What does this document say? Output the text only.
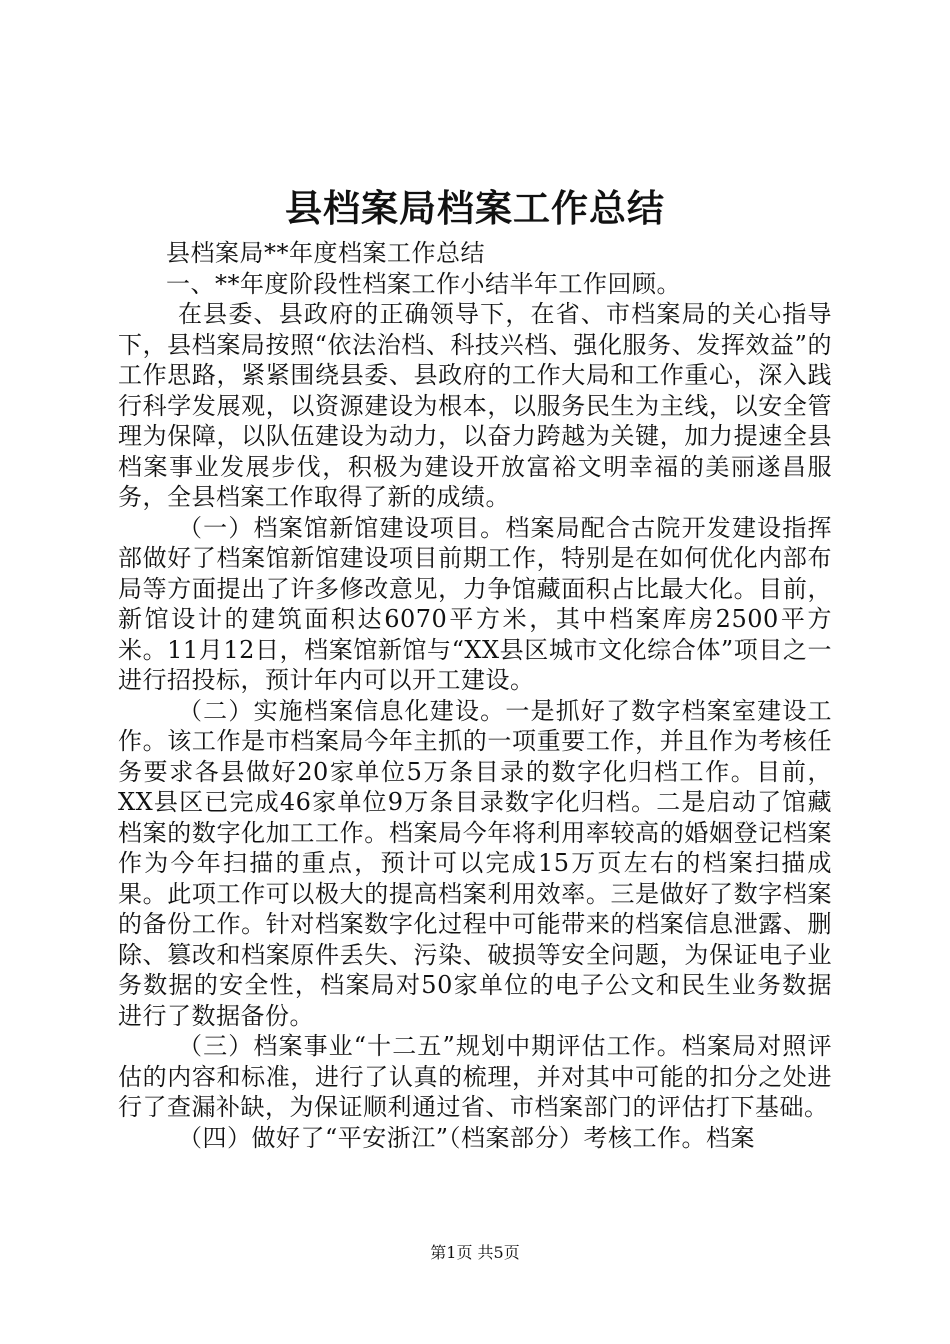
县档案局档案工作总结

县档案局**年度档案工作总结

一、**年度阶段性档案工作小结半年工作回顾。

在县委、县政府的正确领导下，在省、市档案局的关心指导下，县档案局按照“依法治档、科技兴档、强化服务、发挥效益”的工作思路，紧紧围绕县委、县政府的工作大局和工作重心，深入践行科学发展观，以资源建设为根本，以服务民生为主线，以安全管理为保障，以队伍建设为动力，以奋力跨越为关键，加力提速全县档案事业发展步伐，积极为建设开放富裕文明幸福的美丽遂昌服务，全县档案工作取得了新的成绩。

（一）档案馆新馆建设项目。档案局配合古院开发建设指挥部做好了档案馆新馆建设项目前期工作，特别是在如何优化内部布局等方面提出了许多修改意见，力争馆藏面积占比最大化。目前，新馆设计的建筑面积达6070平方米，其中档案库房2500平方米。11月12日，档案馆新馆与“XX县区城市文化综合体”项目之一进行招投标，预计年内可以开工建设。

（二）实施档案信息化建设。一是抓好了数字档案室建设工作。该工作是市档案局今年主抓的一项重要工作，并且作为考核任务要求各县做好20家单位5万条目录的数字化归档工作。目前，XX县区已完成46家单位9万条目录数字化归档。二是启动了馆藏档案的数字化加工工作。档案局今年将利用率较高的婚姻登记档案作为今年扫描的重点，预计可以完成15万页左右的档案扫描成果。此项工作可以极大的提高档案利用效率。三是做好了数字档案的备份工作。针对档案数字化过程中可能带来的档案信息泄露、删除、篡改和档案原件丢失、污染、破损等安全问题，为保证电子业务数据的安全性，档案局对50家单位的电子公文和民生业务数据进行了数据备份。

（三）档案事业“十二五”规划中期评估工作。档案局对照评估的内容和标准，进行了认真的梳理，并对其中可能的扣分之处进行了查漏补缺，为保证顺利通过省、市档案部门的评估打下基础。

（四）做好了“平安浙江”（档案部分）考核工作。档案

第1页 共5页
